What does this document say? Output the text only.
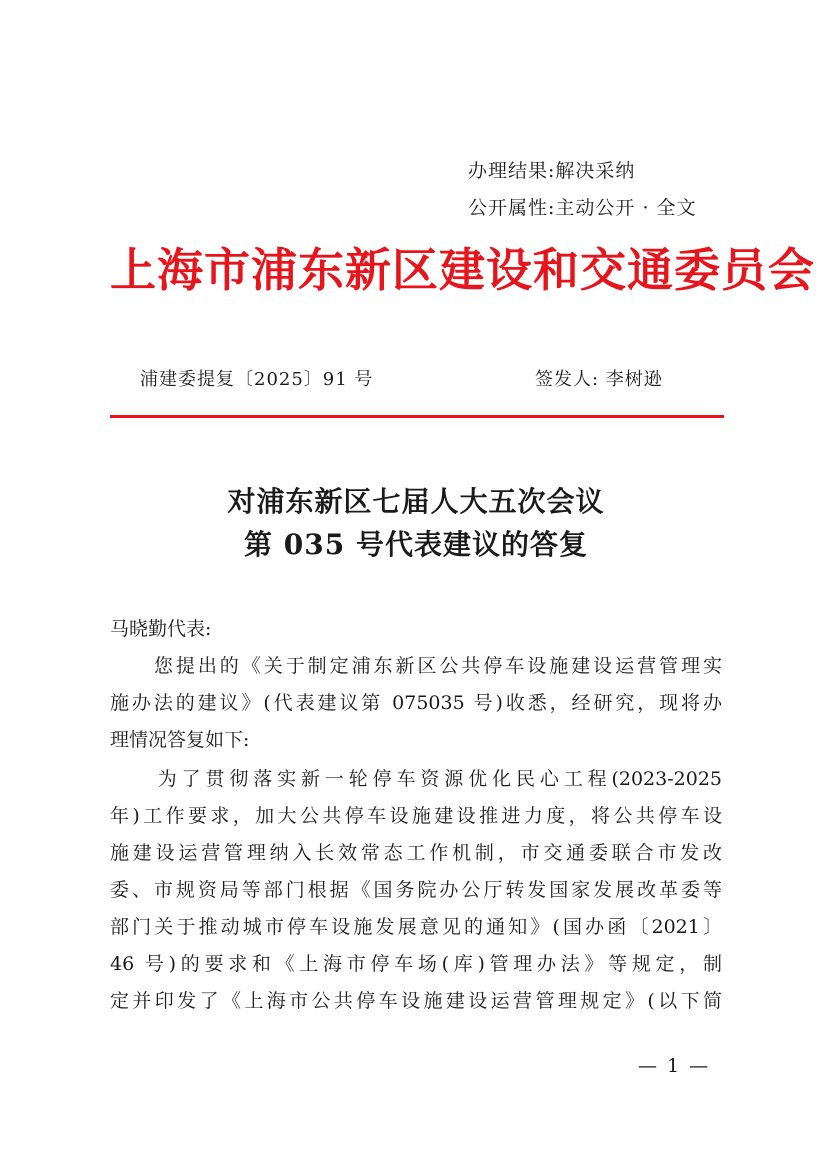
办理结果:解决采纳
公开属性:主动公开 · 全文
上海市浦东新区建设和交通委员会
浦建委提复〔2025〕91 号	签发人: 李树逊
对浦东新区七届人大五次会议
第 035 号代表建议的答复
马晓勤代表:
　　您提出的《关于制定浦东新区公共停车设施建设运营管理实
施办法的建议》(代表建议第 075035 号)收悉，经研究，现将办
理情况答复如下:
　　为了贯彻落实新一轮停车资源优化民心工程(2023-2025
年)工作要求，加大公共停车设施建设推进力度，将公共停车设
施建设运营管理纳入长效常态工作机制，市交通委联合市发改
委、市规资局等部门根据《国务院办公厅转发国家发展改革委等
部门关于推动城市停车设施发展意见的通知》(国办函〔2021〕
46 号)的要求和《上海市停车场(库)管理办法》等规定，制
定并印发了《上海市公共停车设施建设运营管理规定》(以下简
— 1 —
